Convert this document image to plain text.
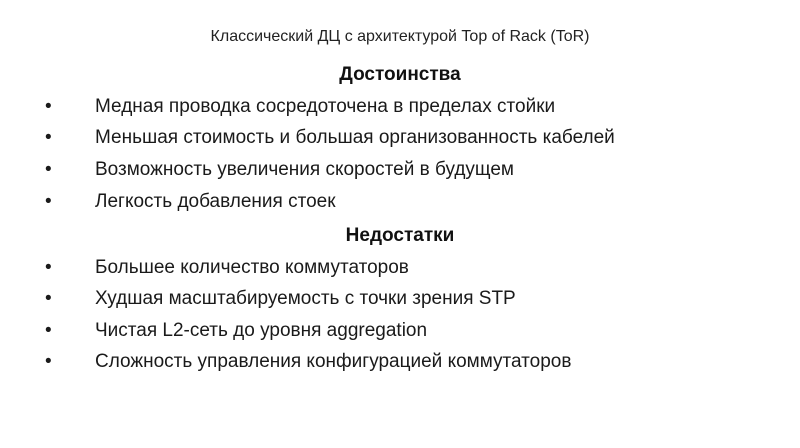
Классический ДЦ с архитектурой Top of Rack (ToR)
Достоинства
• Медная проводка сосредоточена в пределах стойки
• Меньшая стоимость и большая организованность кабелей
• Возможность увеличения скоростей в будущем
• Легкость добавления стоек
Недостатки
• Большее количество коммутаторов
• Худшая масштабируемость с точки зрения STP
• Чистая L2-сеть до уровня aggregation
• Сложность управления конфигурацией коммутаторов
